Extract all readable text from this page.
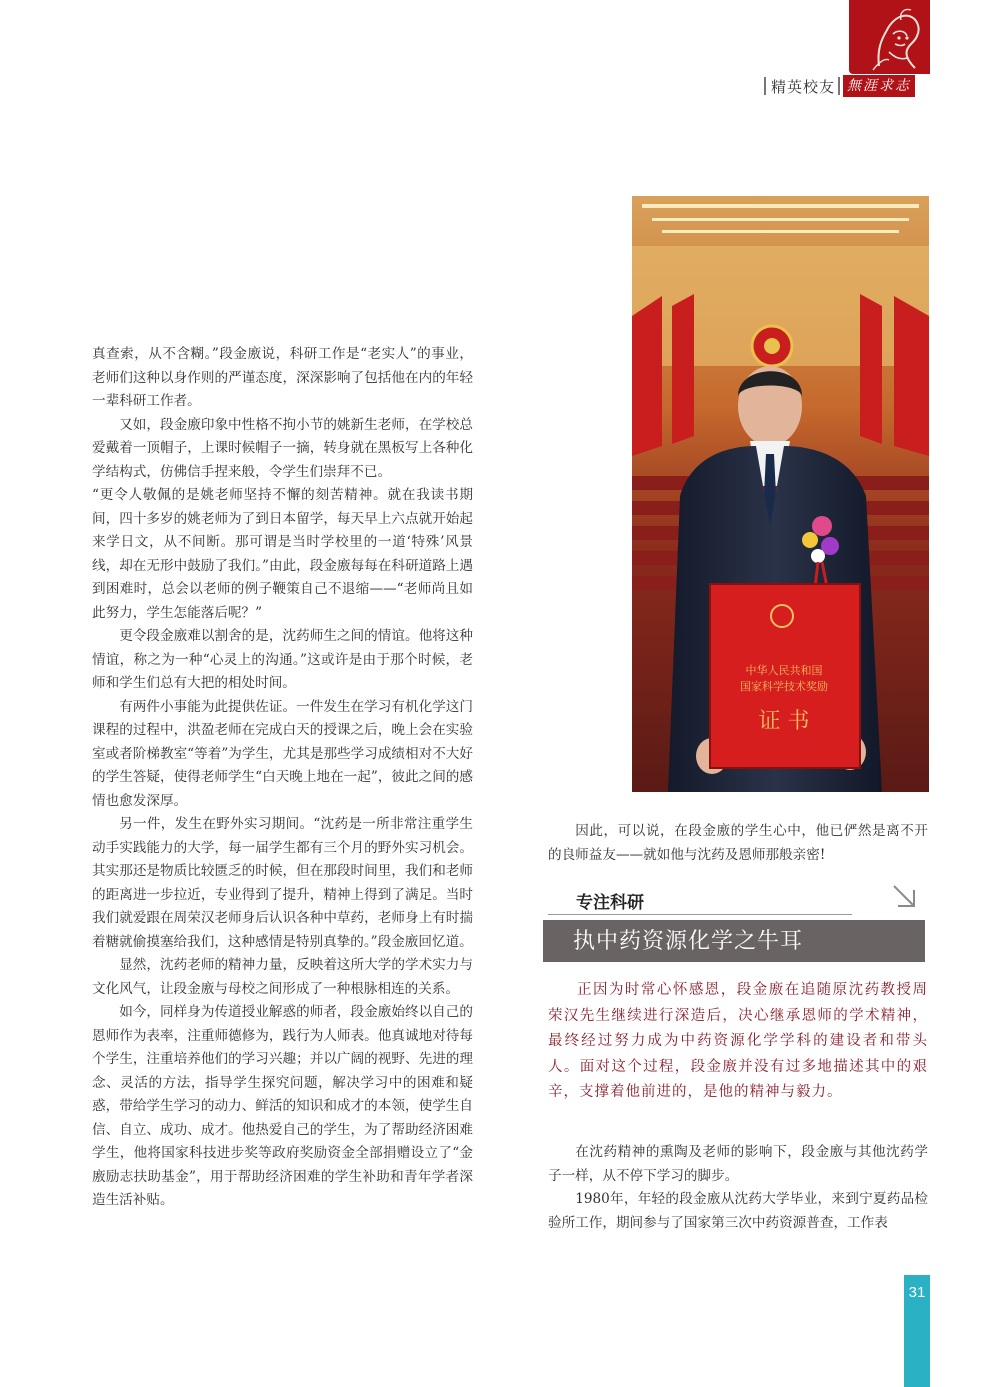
精英校友 無涯求志
中华人民共和国
国家科学技术奖励
证 书

真查索，从不含糊。”段金廒说，科研工作是“老实人”的事业，老师们这种以身作则的严谨态度，深深影响了包括他在内的年轻一辈科研工作者。

又如，段金廒印象中性格不拘小节的姚新生老师，在学校总爱戴着一顶帽子，上课时候帽子一摘，转身就在黑板写上各种化学结构式，仿佛信手捏来般，令学生们崇拜不已。

“更令人敬佩的是姚老师坚持不懈的刻苦精神。就在我读书期间，四十多岁的姚老师为了到日本留学，每天早上六点就开始起来学日文，从不间断。那可谓是当时学校里的一道‘特殊’风景线，却在无形中鼓励了我们。”由此，段金廒每每在科研道路上遇到困难时，总会以老师的例子鞭策自己不退缩——“老师尚且如此努力，学生怎能落后呢？”

更令段金廒难以割舍的是，沈药师生之间的情谊。他将这种情谊，称之为一种“心灵上的沟通。”这或许是由于那个时候，老师和学生们总有大把的相处时间。

有两件小事能为此提供佐证。一件发生在学习有机化学这门课程的过程中，洪盈老师在完成白天的授课之后，晚上会在实验室或者阶梯教室“等着”为学生，尤其是那些学习成绩相对不大好的学生答疑，使得老师学生“白天晚上地在一起”，彼此之间的感情也愈发深厚。

另一件，发生在野外实习期间。“沈药是一所非常注重学生动手实践能力的大学，每一届学生都有三个月的野外实习机会。其实那还是物质比较匮乏的时候，但在那段时间里，我们和老师的距离进一步拉近，专业得到了提升，精神上得到了满足。当时我们就爱跟在周荣汉老师身后认识各种中草药，老师身上有时揣着糖就偷摸塞给我们，这种感情是特别真挚的。”段金廒回忆道。

显然，沈药老师的精神力量，反映着这所大学的学术实力与文化风气，让段金廒与母校之间形成了一种根脉相连的关系。

如今，同样身为传道授业解惑的师者，段金廒始终以自己的恩师作为表率，注重师德修为，践行为人师表。他真诚地对待每个学生，注重培养他们的学习兴趣；并以广阔的视野、先进的理念、灵活的方法，指导学生探究问题，解决学习中的困难和疑惑，带给学生学习的动力、鲜活的知识和成才的本领，使学生自信、自立、成功、成才。他热爱自己的学生，为了帮助经济困难学生，他将国家科技进步奖等政府奖励资金全部捐赠设立了“金廒励志扶助基金”，用于帮助经济困难的学生补助和青年学者深造生活补贴。

因此，可以说，在段金廒的学生心中，他已俨然是离不开的良师益友——就如他与沈药及恩师那般亲密!

专注科研
执中药资源化学之牛耳
正因为时常心怀感恩，段金廒在追随原沈药教授周荣汉先生继续进行深造后，决心继承恩师的学术精神，最终经过努力成为中药资源化学学科的建设者和带头人。面对这个过程，段金廒并没有过多地描述其中的艰辛，支撑着他前进的，是他的精神与毅力。

在沈药精神的熏陶及老师的影响下，段金廒与其他沈药学子一样，从不停下学习的脚步。

1980年，年轻的段金廒从沈药大学毕业，来到宁夏药品检验所工作，期间参与了国家第三次中药资源普查，工作表

31
